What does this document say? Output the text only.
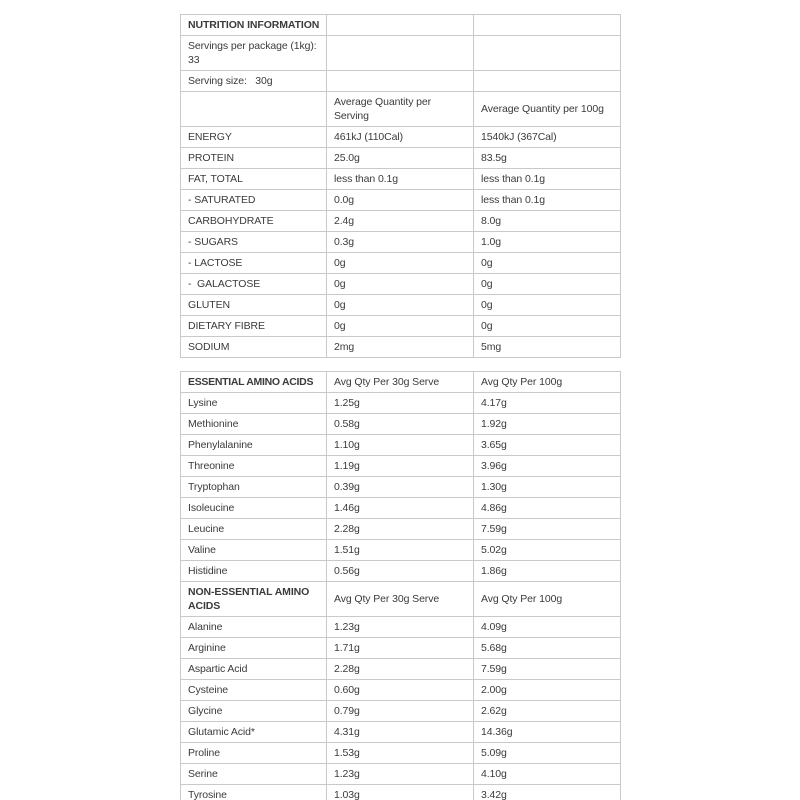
NUTRITION INFORMATION		
Servings per package (1kg):   33		
Serving size:   30g		
	Average Quantity per Serving	Average Quantity per 100g
ENERGY	461kJ (110Cal)	1540kJ (367Cal)
PROTEIN	25.0g	83.5g
FAT, TOTAL	less than 0.1g	less than 0.1g
- SATURATED	0.0g	less than 0.1g
CARBOHYDRATE	2.4g	8.0g
- SUGARS	0.3g	1.0g
- LACTOSE	0g	0g
-  GALACTOSE	0g	0g
GLUTEN	0g	0g
DIETARY FIBRE	0g	0g
SODIUM	2mg	5mg
ESSENTIAL AMINO ACIDS	Avg Qty Per 30g Serve	Avg Qty Per 100g
Lysine	1.25g	4.17g
Methionine	0.58g	1.92g
Phenylalanine	1.10g	3.65g
Threonine	1.19g	3.96g
Tryptophan	0.39g	1.30g
Isoleucine	1.46g	4.86g
Leucine	2.28g	7.59g
Valine	1.51g	5.02g
Histidine	0.56g	1.86g
NON-ESSENTIAL AMINO ACIDS	Avg Qty Per 30g Serve	Avg Qty Per 100g
Alanine	1.23g	4.09g
Arginine	1.71g	5.68g
Aspartic Acid	2.28g	7.59g
Cysteine	0.60g	2.00g
Glycine	0.79g	2.62g
Glutamic Acid*	4.31g	14.36g
Proline	1.53g	5.09g
Serine	1.23g	4.10g
Tyrosine	1.03g	3.42g
